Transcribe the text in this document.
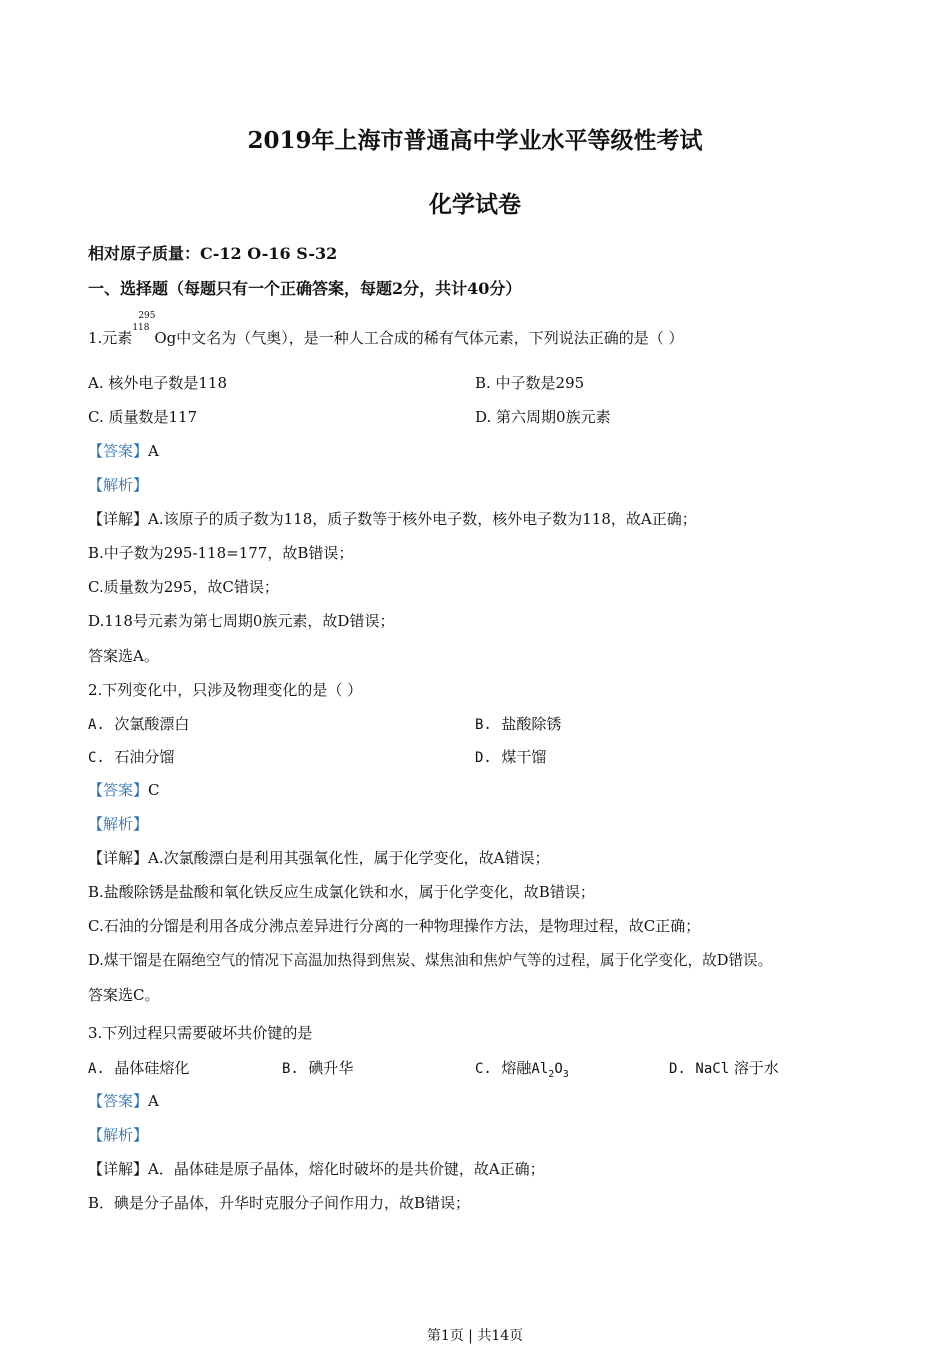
2019年上海市普通高中学业水平等级性考试
化学试卷
相对原子质量：C-12 O-16 S-32
一、选择题（每题只有一个正确答案，每题2分，共计40分）
1.元素
295
118
Og中文名为（气奥），是一种人工合成的稀有气体元素，下列说法正确的是（ ）
A. 核外电子数是118	B. 中子数是295
C. 质量数是117	D. 第六周期0族元素
【答案】A
【解析】
【详解】A.该原子的质子数为118，质子数等于核外电子数，核外电子数为118，故A正确；
B.中子数为295-118=177，故B错误；
C.质量数为295，故C错误；
D.118号元素为第七周期0族元素，故D错误；
答案选A。
2.下列变化中，只涉及物理变化的是（ ）
A. 次氯酸漂白	B. 盐酸除锈
C. 石油分馏	D. 煤干馏
【答案】C
【解析】
【详解】A.次氯酸漂白是利用其强氧化性，属于化学变化，故A错误；
B.盐酸除锈是盐酸和氧化铁反应生成氯化铁和水，属于化学变化，故B错误；
C.石油的分馏是利用各成分沸点差异进行分离的一种物理操作方法，是物理过程，故C正确；
D.煤干馏是在隔绝空气的情况下高温加热得到焦炭、煤焦油和焦炉气等的过程，属于化学变化，故D错误。
答案选C。
3.下列过程只需要破坏共价键的是
A. 晶体硅熔化	B. 碘升华	C. 熔融$Al_2O_3$	D. NaCl 溶于水
【答案】A
【解析】
【详解】A．晶体硅是原子晶体，熔化时破坏的是共价键，故A正确；
B．碘是分子晶体，升华时克服分子间作用力，故B错误；
第1页 | 共14页
